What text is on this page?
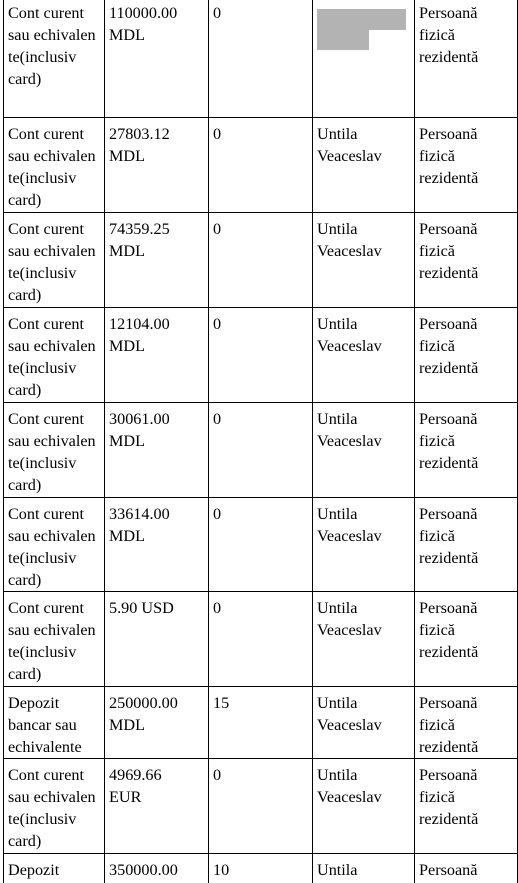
Cont curent
sau echivalen
te(inclusiv
card)	110000.00
MDL	0		Persoană
fizică
rezidentă

Cont curent
sau echivalen
te(inclusiv
card)	27803.12
MDL	0	Untila
Veaceslav	Persoană
fizică
rezidentă

Cont curent
sau echivalen
te(inclusiv
card)	74359.25
MDL	0	Untila
Veaceslav	Persoană
fizică
rezidentă

Cont curent
sau echivalen
te(inclusiv
card)	12104.00
MDL	0	Untila
Veaceslav	Persoană
fizică
rezidentă

Cont curent
sau echivalen
te(inclusiv
card)	30061.00
MDL	0	Untila
Veaceslav	Persoană
fizică
rezidentă

Cont curent
sau echivalen
te(inclusiv
card)	33614.00
MDL	0	Untila
Veaceslav	Persoană
fizică
rezidentă

Cont curent
sau echivalen
te(inclusiv
card)	5.90 USD	0	Untila
Veaceslav	Persoană
fizică
rezidentă

Depozit
bancar sau
echivalente	250000.00
MDL	15	Untila
Veaceslav	Persoană
fizică
rezidentă

Cont curent
sau echivalen
te(inclusiv
card)	4969.66
EUR	0	Untila
Veaceslav	Persoană
fizică
rezidentă

Depozit	350000.00	10	Untila	Persoană
